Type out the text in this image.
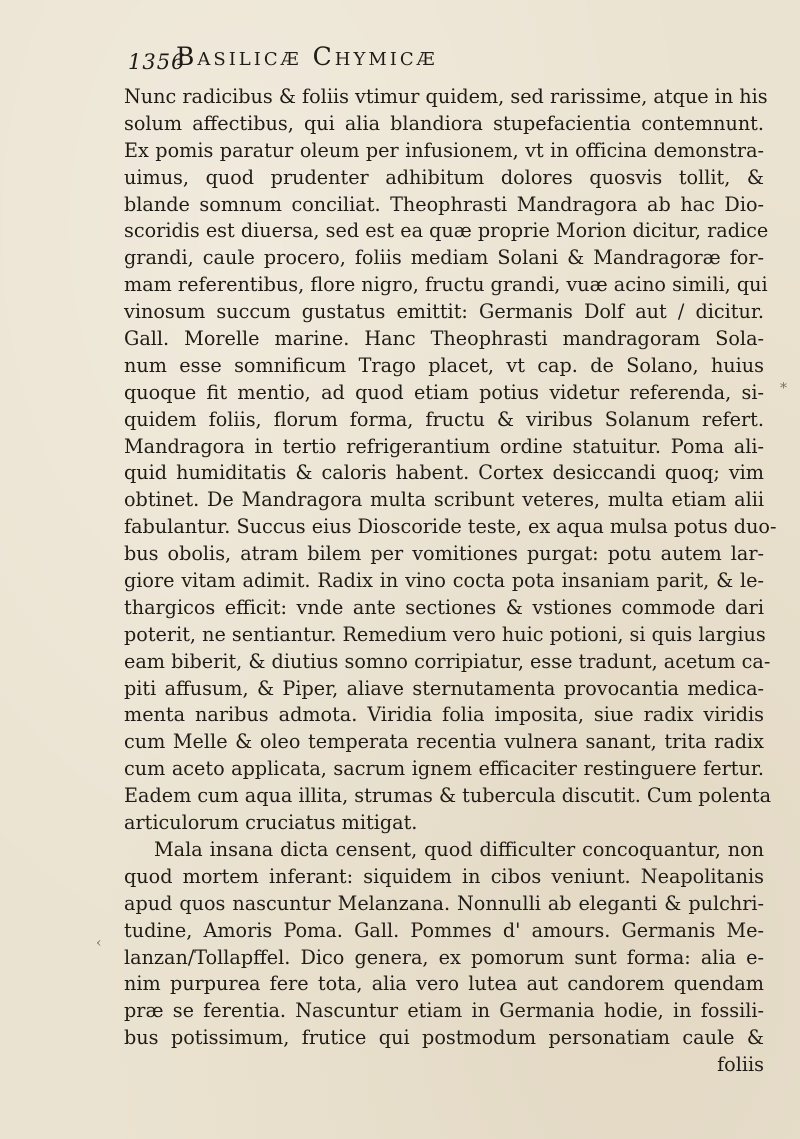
1356
Basilicæ Chymicæ
Nunc radicibus & foliis vtimur quidem, sed rarissime, atque in his
solum affectibus, qui alia blandiora stupefacientia contemnunt.
Ex pomis paratur oleum per infusionem, vt in officina demonstra-
uimus, quod prudenter adhibitum dolores quosvis tollit, &
blande somnum conciliat. Theophrasti Mandragora ab hac Dio-
scoridis est diuersa, sed est ea quæ proprie Morion dicitur, radice
grandi, caule procero, foliis mediam Solani & Mandragoræ for-
mam referentibus, flore nigro, fructu grandi, vuæ acino simili, qui
vinosum succum gustatus emittit: Germanis Dolf aut / dicitur.
Gall. Morelle marine. Hanc Theophrasti mandragoram Sola-
num esse somnificum Trago placet, vt cap. de Solano, huius
quoque fit mentio, ad quod etiam potius videtur referenda, si-
quidem foliis, florum forma, fructu & viribus Solanum refert.
Mandragora in tertio refrigerantium ordine statuitur. Poma ali-
quid humiditatis & caloris habent. Cortex desiccandi quoq; vim
obtinet. De Mandragora multa scribunt veteres, multa etiam alii
fabulantur. Succus eius Dioscoride teste, ex aqua mulsa potus duo-
bus obolis, atram bilem per vomitiones purgat: potu autem lar-
giore vitam adimit. Radix in vino cocta pota insaniam parit, & le-
thargicos efficit: vnde ante sectiones & vstiones commode dari
poterit, ne sentiantur. Remedium vero huic potioni, si quis largius
eam biberit, & diutius somno corripiatur, esse tradunt, acetum ca-
piti affusum, & Piper, aliave sternutamenta provocantia medica-
menta naribus admota. Viridia folia imposita, siue radix viridis
cum Melle & oleo temperata recentia vulnera sanant, trita radix
cum aceto applicata, sacrum ignem efficaciter restinguere fertur.
Eadem cum aqua illita, strumas & tubercula discutit. Cum polenta
articulorum cruciatus mitigat.
Mala insana dicta censent, quod difficulter concoquantur, non
quod mortem inferant: siquidem in cibos veniunt. Neapolitanis
apud quos nascuntur Melanzana. Nonnulli ab eleganti & pulchri-
tudine, Amoris Poma. Gall. Pommes d' amours. Germanis Me-
lanzan/Tollapffel. Dico genera, ex pomorum sunt forma: alia e-
nim purpurea fere tota, alia vero lutea aut candorem quendam
præ se ferentia. Nascuntur etiam in Germania hodie, in fossili-
bus potissimum, frutice qui postmodum personatiam caule &
foliis
⁎
‹
